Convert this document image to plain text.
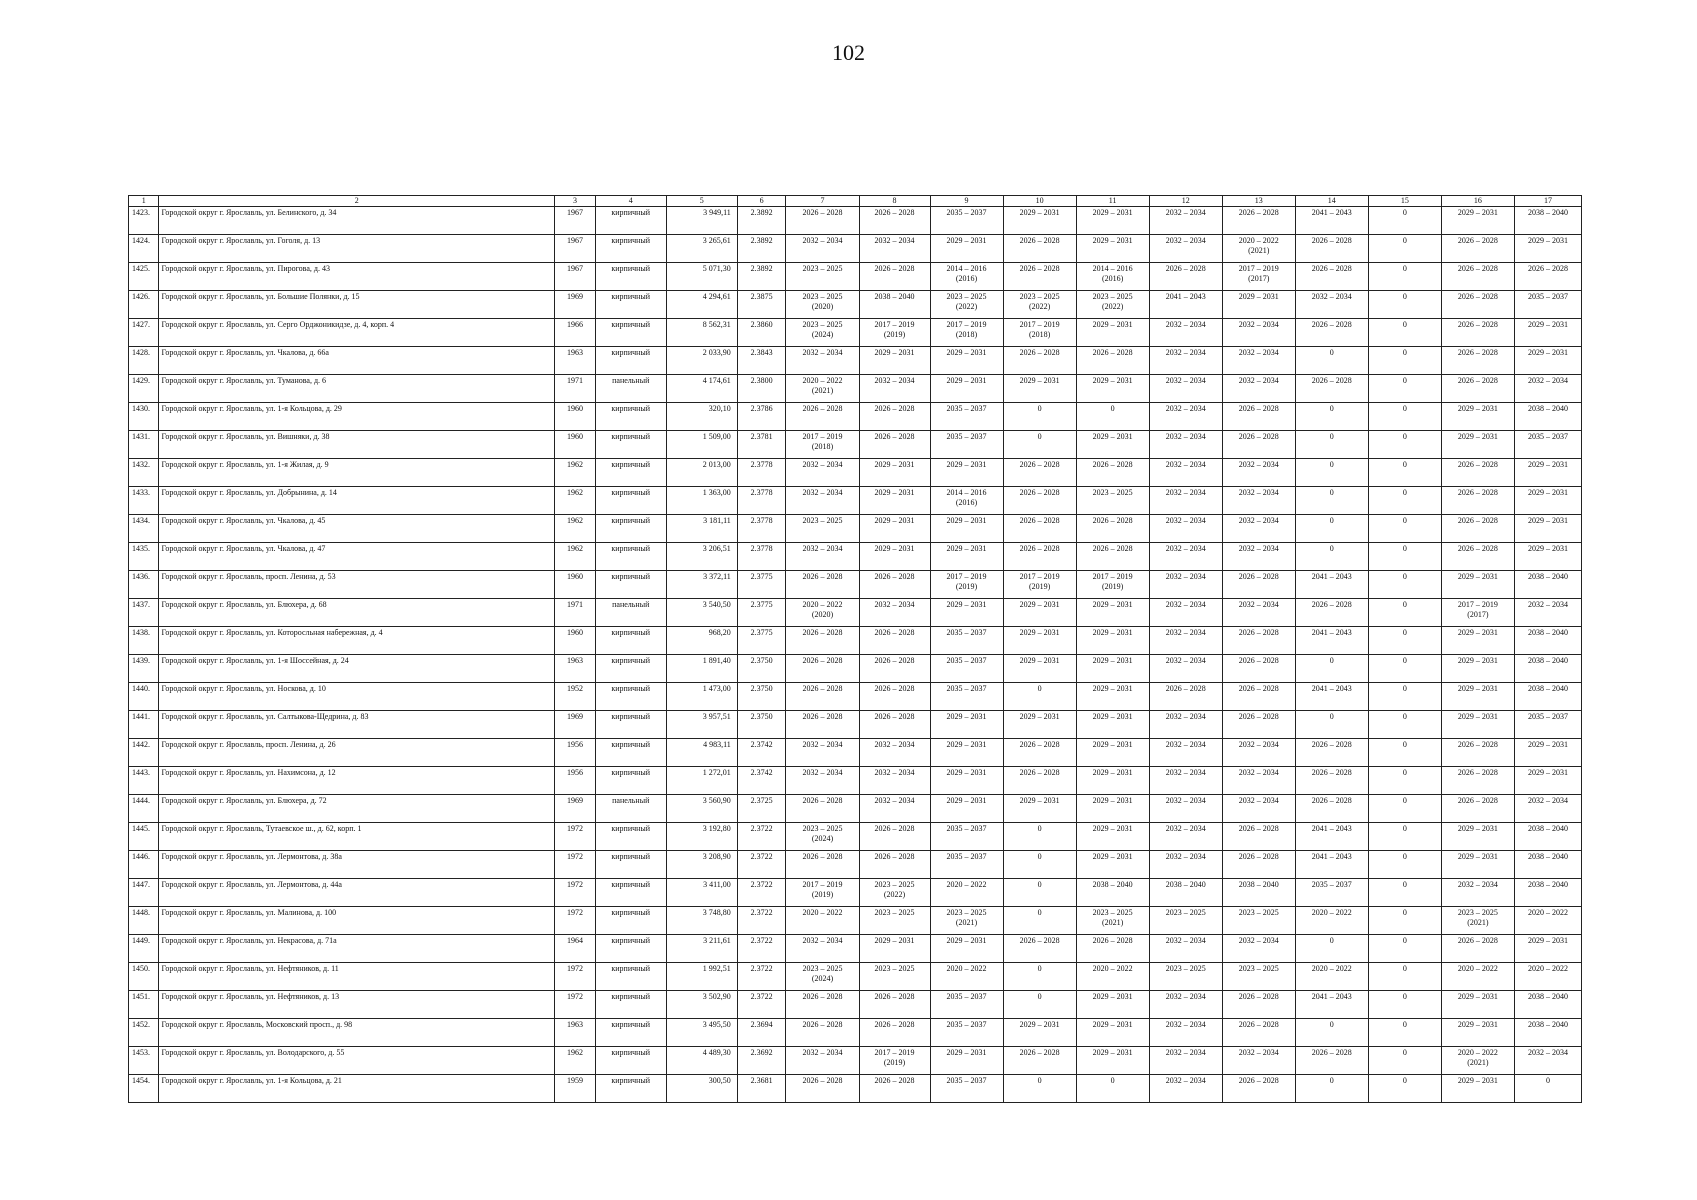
102
1	2	3	4	5	6	7	8	9	10	11	12	13	14	15	16	17
1423.	Городской округ г. Ярославль, ул. Белинского, д. 34	1967	кирпичный	3 949,11	2.3892	2026 – 2028	2026 – 2028	2035 – 2037	2029 – 2031	2029 – 2031	2032 – 2034	2026 – 2028	2041 – 2043	0	2029 – 2031	2038 – 2040
1424.	Городской округ г. Ярославль, ул. Гоголя, д. 13	1967	кирпичный	3 265,61	2.3892	2032 – 2034	2032 – 2034	2029 – 2031	2026 – 2028	2029 – 2031	2032 – 2034	2020 – 2022
(2021)	2026 – 2028	0	2026 – 2028	2029 – 2031
1425.	Городской округ г. Ярославль, ул. Пирогова, д. 43	1967	кирпичный	5 071,30	2.3892	2023 – 2025	2026 – 2028	2014 – 2016
(2016)	2026 – 2028	2014 – 2016
(2016)	2026 – 2028	2017 – 2019
(2017)	2026 – 2028	0	2026 – 2028	2026 – 2028
1426.	Городской округ г. Ярославль, ул. Большие Полянки, д. 15	1969	кирпичный	4 294,61	2.3875	2023 – 2025
(2020)	2038 – 2040	2023 – 2025
(2022)	2023 – 2025
(2022)	2023 – 2025
(2022)	2041 – 2043	2029 – 2031	2032 – 2034	0	2026 – 2028	2035 – 2037
1427.	Городской округ г. Ярославль, ул. Серго Орджоникидзе, д. 4, корп. 4	1966	кирпичный	8 562,31	2.3860	2023 – 2025
(2024)	2017 – 2019
(2019)	2017 – 2019
(2018)	2017 – 2019
(2018)	2029 – 2031	2032 – 2034	2032 – 2034	2026 – 2028	0	2026 – 2028	2029 – 2031
1428.	Городской округ г. Ярославль, ул. Чкалова, д. 66а	1963	кирпичный	2 033,90	2.3843	2032 – 2034	2029 – 2031	2029 – 2031	2026 – 2028	2026 – 2028	2032 – 2034	2032 – 2034	0	0	2026 – 2028	2029 – 2031
1429.	Городской округ г. Ярославль, ул. Туманова, д. 6	1971	панельный	4 174,61	2.3800	2020 – 2022
(2021)	2032 – 2034	2029 – 2031	2029 – 2031	2029 – 2031	2032 – 2034	2032 – 2034	2026 – 2028	0	2026 – 2028	2032 – 2034
1430.	Городской округ г. Ярославль, ул. 1-я Кольцова, д. 29	1960	кирпичный	320,10	2.3786	2026 – 2028	2026 – 2028	2035 – 2037	0	0	2032 – 2034	2026 – 2028	0	0	2029 – 2031	2038 – 2040
1431.	Городской округ г. Ярославль, ул. Вишняки, д. 38	1960	кирпичный	1 509,00	2.3781	2017 – 2019
(2018)	2026 – 2028	2035 – 2037	0	2029 – 2031	2032 – 2034	2026 – 2028	0	0	2029 – 2031	2035 – 2037
1432.	Городской округ г. Ярославль, ул. 1-я Жилая, д. 9	1962	кирпичный	2 013,00	2.3778	2032 – 2034	2029 – 2031	2029 – 2031	2026 – 2028	2026 – 2028	2032 – 2034	2032 – 2034	0	0	2026 – 2028	2029 – 2031
1433.	Городской округ г. Ярославль, ул. Добрынина, д. 14	1962	кирпичный	1 363,00	2.3778	2032 – 2034	2029 – 2031	2014 – 2016
(2016)	2026 – 2028	2023 – 2025	2032 – 2034	2032 – 2034	0	0	2026 – 2028	2029 – 2031
1434.	Городской округ г. Ярославль, ул. Чкалова, д. 45	1962	кирпичный	3 181,11	2.3778	2023 – 2025	2029 – 2031	2029 – 2031	2026 – 2028	2026 – 2028	2032 – 2034	2032 – 2034	0	0	2026 – 2028	2029 – 2031
1435.	Городской округ г. Ярославль, ул. Чкалова, д. 47	1962	кирпичный	3 206,51	2.3778	2032 – 2034	2029 – 2031	2029 – 2031	2026 – 2028	2026 – 2028	2032 – 2034	2032 – 2034	0	0	2026 – 2028	2029 – 2031
1436.	Городской округ г. Ярославль, просп. Ленина, д. 53	1960	кирпичный	3 372,11	2.3775	2026 – 2028	2026 – 2028	2017 – 2019
(2019)	2017 – 2019
(2019)	2017 – 2019
(2019)	2032 – 2034	2026 – 2028	2041 – 2043	0	2029 – 2031	2038 – 2040
1437.	Городской округ г. Ярославль, ул. Блюхера, д. 68	1971	панельный	3 540,50	2.3775	2020 – 2022
(2020)	2032 – 2034	2029 – 2031	2029 – 2031	2029 – 2031	2032 – 2034	2032 – 2034	2026 – 2028	0	2017 – 2019
(2017)	2032 – 2034
1438.	Городской округ г. Ярославль, ул. Которосльная набережная, д. 4	1960	кирпичный	968,20	2.3775	2026 – 2028	2026 – 2028	2035 – 2037	2029 – 2031	2029 – 2031	2032 – 2034	2026 – 2028	2041 – 2043	0	2029 – 2031	2038 – 2040
1439.	Городской округ г. Ярославль, ул. 1-я Шоссейная, д. 24	1963	кирпичный	1 891,40	2.3750	2026 – 2028	2026 – 2028	2035 – 2037	2029 – 2031	2029 – 2031	2032 – 2034	2026 – 2028	0	0	2029 – 2031	2038 – 2040
1440.	Городской округ г. Ярославль, ул. Носкова, д. 10	1952	кирпичный	1 473,00	2.3750	2026 – 2028	2026 – 2028	2035 – 2037	0	2029 – 2031	2026 – 2028	2026 – 2028	2041 – 2043	0	2029 – 2031	2038 – 2040
1441.	Городской округ г. Ярославль, ул. Салтыкова-Щедрина, д. 83	1969	кирпичный	3 957,51	2.3750	2026 – 2028	2026 – 2028	2029 – 2031	2029 – 2031	2029 – 2031	2032 – 2034	2026 – 2028	0	0	2029 – 2031	2035 – 2037
1442.	Городской округ г. Ярославль, просп. Ленина, д. 26	1956	кирпичный	4 983,11	2.3742	2032 – 2034	2032 – 2034	2029 – 2031	2026 – 2028	2029 – 2031	2032 – 2034	2032 – 2034	2026 – 2028	0	2026 – 2028	2029 – 2031
1443.	Городской округ г. Ярославль, ул. Нахимсона, д. 12	1956	кирпичный	1 272,01	2.3742	2032 – 2034	2032 – 2034	2029 – 2031	2026 – 2028	2029 – 2031	2032 – 2034	2032 – 2034	2026 – 2028	0	2026 – 2028	2029 – 2031
1444.	Городской округ г. Ярославль, ул. Блюхера, д. 72	1969	панельный	3 560,90	2.3725	2026 – 2028	2032 – 2034	2029 – 2031	2029 – 2031	2029 – 2031	2032 – 2034	2032 – 2034	2026 – 2028	0	2026 – 2028	2032 – 2034
1445.	Городской округ г. Ярославль, Тутаевское ш., д. 62, корп. 1	1972	кирпичный	3 192,80	2.3722	2023 – 2025
(2024)	2026 – 2028	2035 – 2037	0	2029 – 2031	2032 – 2034	2026 – 2028	2041 – 2043	0	2029 – 2031	2038 – 2040
1446.	Городской округ г. Ярославль, ул. Лермонтова, д. 38а	1972	кирпичный	3 208,90	2.3722	2026 – 2028	2026 – 2028	2035 – 2037	0	2029 – 2031	2032 – 2034	2026 – 2028	2041 – 2043	0	2029 – 2031	2038 – 2040
1447.	Городской округ г. Ярославль, ул. Лермонтова, д. 44а	1972	кирпичный	3 411,00	2.3722	2017 – 2019
(2019)	2023 – 2025
(2022)	2020 – 2022	0	2038 – 2040	2038 – 2040	2038 – 2040	2035 – 2037	0	2032 – 2034	2038 – 2040
1448.	Городской округ г. Ярославль, ул. Малинова, д. 100	1972	кирпичный	3 748,80	2.3722	2020 – 2022	2023 – 2025	2023 – 2025
(2021)	0	2023 – 2025
(2021)	2023 – 2025	2023 – 2025	2020 – 2022	0	2023 – 2025
(2021)	2020 – 2022
1449.	Городской округ г. Ярославль, ул. Некрасова, д. 71а	1964	кирпичный	3 211,61	2.3722	2032 – 2034	2029 – 2031	2029 – 2031	2026 – 2028	2026 – 2028	2032 – 2034	2032 – 2034	0	0	2026 – 2028	2029 – 2031
1450.	Городской округ г. Ярославль, ул. Нефтяников, д. 11	1972	кирпичный	1 992,51	2.3722	2023 – 2025
(2024)	2023 – 2025	2020 – 2022	0	2020 – 2022	2023 – 2025	2023 – 2025	2020 – 2022	0	2020 – 2022	2020 – 2022
1451.	Городской округ г. Ярославль, ул. Нефтяников, д. 13	1972	кирпичный	3 502,90	2.3722	2026 – 2028	2026 – 2028	2035 – 2037	0	2029 – 2031	2032 – 2034	2026 – 2028	2041 – 2043	0	2029 – 2031	2038 – 2040
1452.	Городской округ г. Ярославль, Московский просп., д. 98	1963	кирпичный	3 495,50	2.3694	2026 – 2028	2026 – 2028	2035 – 2037	2029 – 2031	2029 – 2031	2032 – 2034	2026 – 2028	0	0	2029 – 2031	2038 – 2040
1453.	Городской округ г. Ярославль, ул. Володарского, д. 55	1962	кирпичный	4 489,30	2.3692	2032 – 2034	2017 – 2019
(2019)	2029 – 2031	2026 – 2028	2029 – 2031	2032 – 2034	2032 – 2034	2026 – 2028	0	2020 – 2022
(2021)	2032 – 2034
1454.	Городской округ г. Ярославль, ул. 1-я Кольцова, д. 21	1959	кирпичный	300,50	2.3681	2026 – 2028	2026 – 2028	2035 – 2037	0	0	2032 – 2034	2026 – 2028	0	0	2029 – 2031	0
